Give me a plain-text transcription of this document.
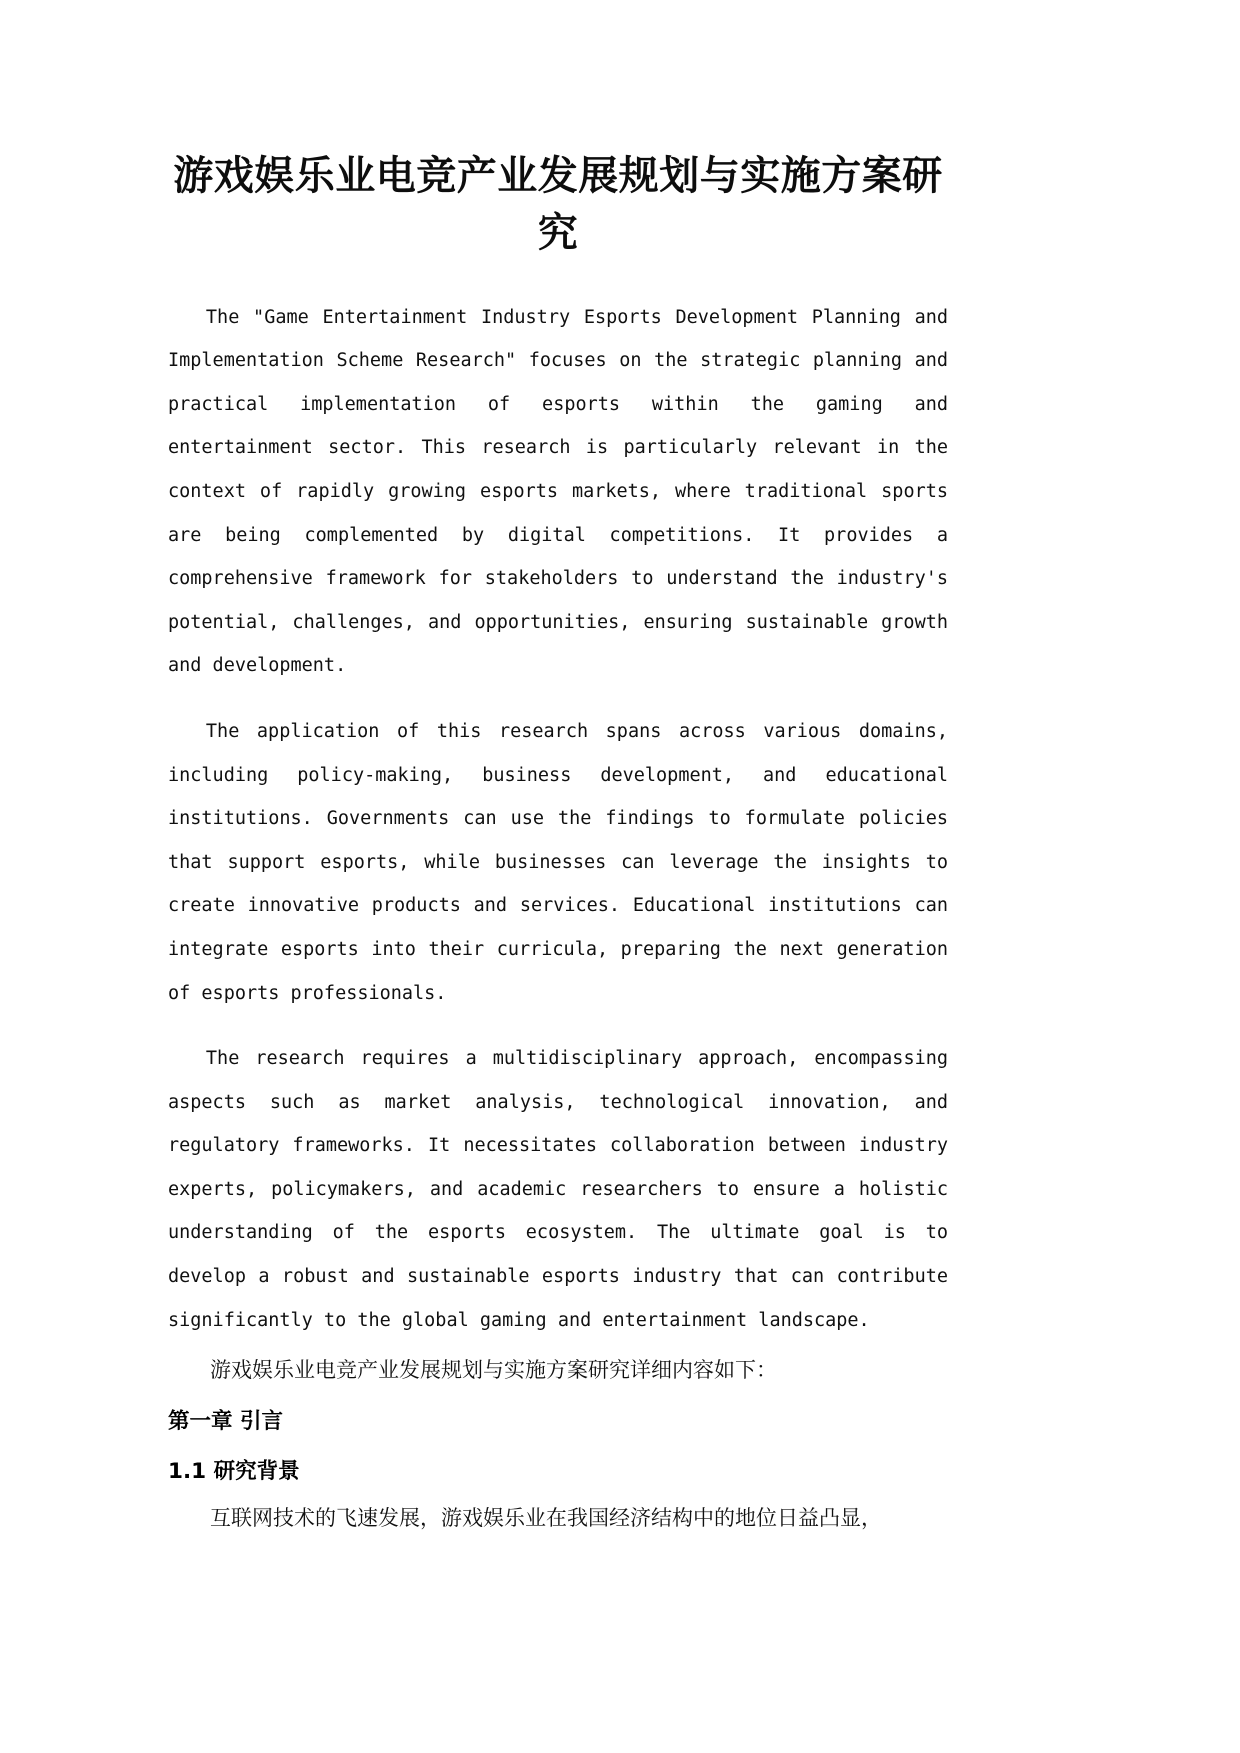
游戏娱乐业电竞产业发展规划与实施方案研究

The "Game Entertainment Industry Esports Development Planning and Implementation Scheme Research" focuses on the strategic planning and practical implementation of esports within the gaming and entertainment sector. This research is particularly relevant in the context of rapidly growing esports markets, where traditional sports are being complemented by digital competitions. It provides a comprehensive framework for stakeholders to understand the industry's potential, challenges, and opportunities, ensuring sustainable growth and development.

The application of this research spans across various domains, including policy-making, business development, and educational institutions. Governments can use the findings to formulate policies that support esports, while businesses can leverage the insights to create innovative products and services. Educational institutions can integrate esports into their curricula, preparing the next generation of esports professionals.

The research requires a multidisciplinary approach, encompassing aspects such as market analysis, technological innovation, and regulatory frameworks. It necessitates collaboration between industry experts, policymakers, and academic researchers to ensure a holistic understanding of the esports ecosystem. The ultimate goal is to develop a robust and sustainable esports industry that can contribute significantly to the global gaming and entertainment landscape.

游戏娱乐业电竞产业发展规划与实施方案研究详细内容如下：

第一章 引言
1.1 研究背景

互联网技术的飞速发展，游戏娱乐业在我国经济结构中的地位日益凸显，
